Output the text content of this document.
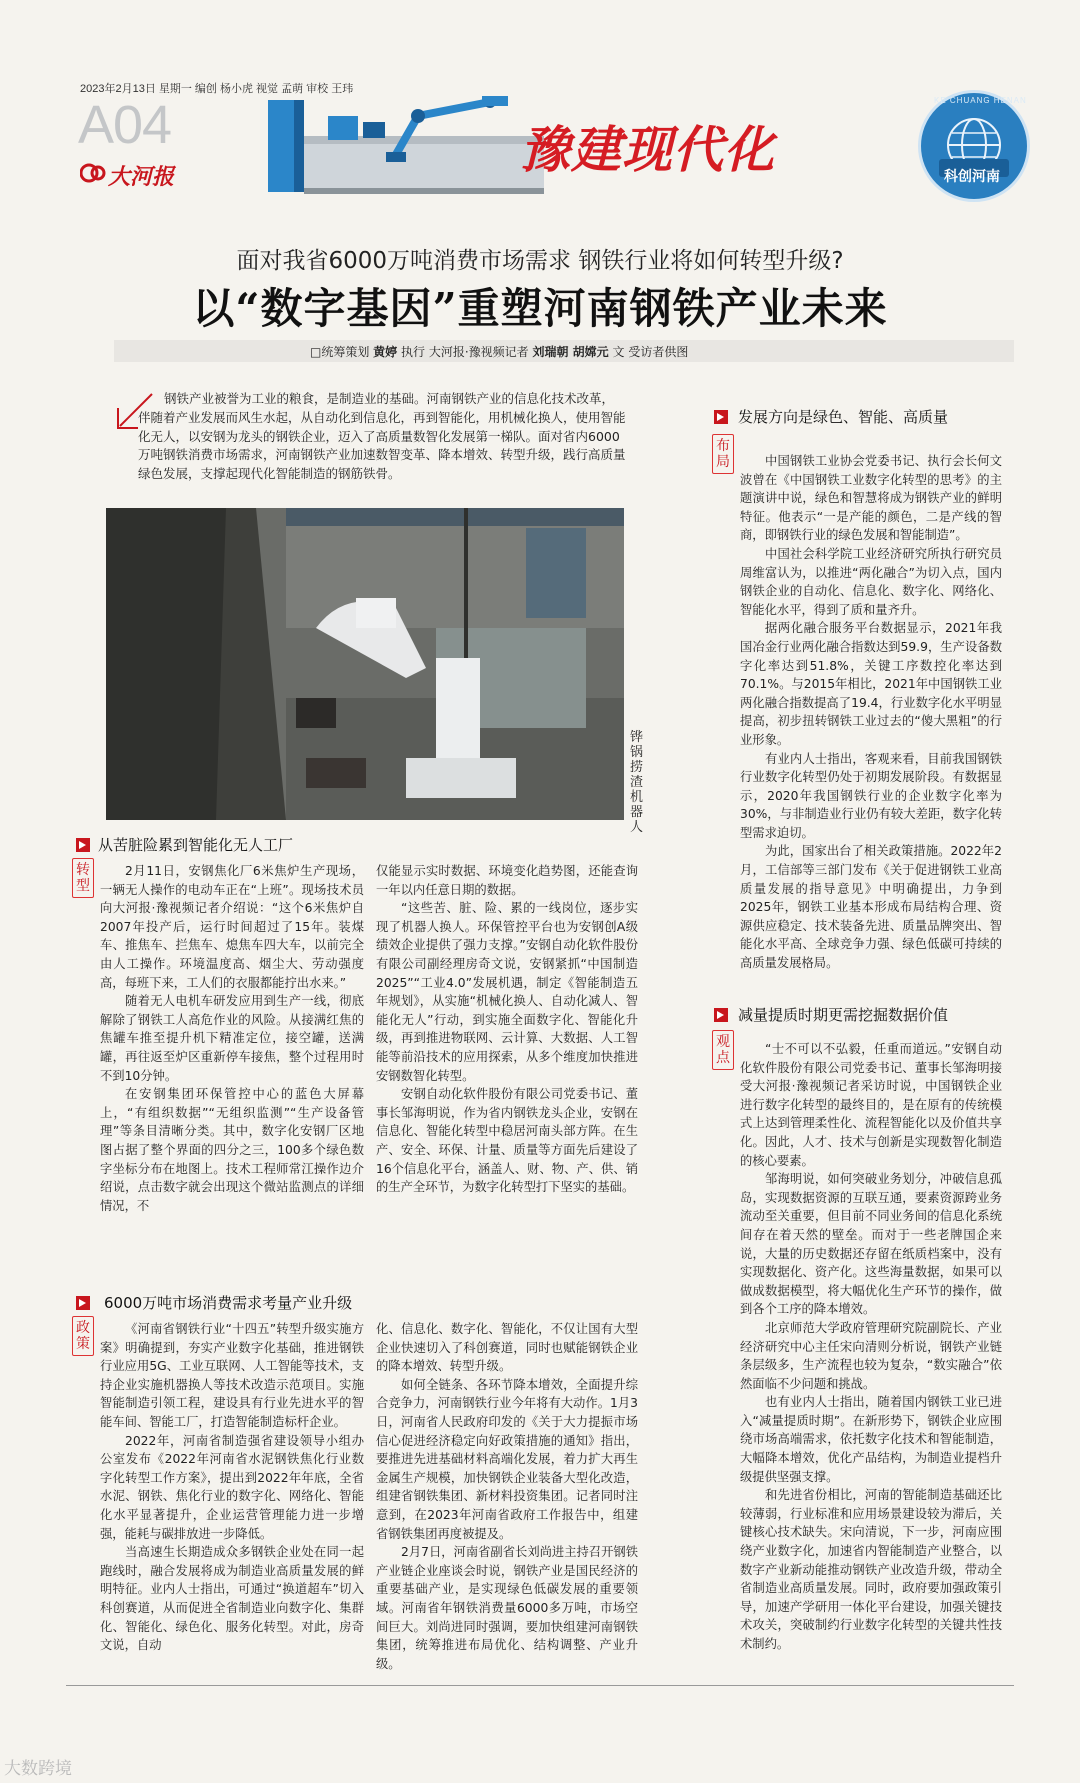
2023年2月13日 星期一 编创 杨小虎 视觉 孟萌 审校 王玮
A04
大河报	豫建现代化
KE CHUANG HENAN
科创河南
面对我省6000万吨消费市场需求 钢铁行业将如何转型升级?
以“数字基因”重塑河南钢铁产业未来
□统筹策划 黄婷 执行 大河报·豫视频记者 刘瑞朝 胡嫦元 文 受访者供图
钢铁产业被誉为工业的粮食，是制造业的基础。河南钢铁产业的信息化技术改革，伴随着产业发展而风生水起，从自动化到信息化，再到智能化，用机械化换人，使用智能化无人，以安钢为龙头的钢铁企业，迈入了高质量数智化发展第一梯队。面对省内6000万吨钢铁消费市场需求，河南钢铁产业加速数智变革、降本增效、转型升级，践行高质量绿色发展，支撑起现代化智能制造的钢筋铁骨。
铧锅捞渣机器人
从苦脏险累到智能化无人工厂
转型

2月11日，安钢焦化厂6米焦炉生产现场，一辆无人操作的电动车正在“上班”。现场技术员向大河报·豫视频记者介绍说：“这个6米焦炉自2007年投产后，运行时间超过了15年。装煤车、推焦车、拦焦车、熄焦车四大车，以前完全由人工操作。环境温度高、烟尘大、劳动强度高，每班下来，工人们的衣服都能拧出水来。”

随着无人电机车研发应用到生产一线，彻底解除了钢铁工人高危作业的风险。从接满红焦的焦罐车推至提升机下精准定位，接空罐，送满罐，再往返至炉区重新停车接焦，整个过程用时不到10分钟。

在安钢集团环保管控中心的蓝色大屏幕上，“有组织数据”“无组织监测”“生产设备管理”等条目清晰分类。其中，数字化安钢厂区地图占据了整个界面的四分之三，100多个绿色数字坐标分布在地图上。技术工程师常江操作边介绍说，点击数字就会出现这个微站监测点的详细情况，不

仅能显示实时数据、环境变化趋势图，还能查询一年以内任意日期的数据。

“这些苦、脏、险、累的一线岗位，逐步实现了机器人换人。环保管控平台也为安钢创A级绩效企业提供了强力支撑。”安钢自动化软件股份有限公司副经理房奇文说，安钢紧抓“中国制造2025”“工业4.0”发展机遇，制定《智能制造五年规划》，从实施“机械化换人、自动化减人、智能化无人”行动，到实施全面数字化、智能化升级，再到推进物联网、云计算、大数据、人工智能等前沿技术的应用探索，从多个维度加快推进安钢数智化转型。

安钢自动化软件股份有限公司党委书记、董事长邹海明说，作为省内钢铁龙头企业，安钢在信息化、智能化转型中稳居河南头部方阵。在生产、安全、环保、计量、质量等方面先后建设了16个信息化平台，涵盖人、财、物、产、供、销的生产全环节，为数字化转型打下坚实的基础。

6000万吨市场消费需求考量产业升级
政策

《河南省钢铁行业“十四五”转型升级实施方案》明确提到，夯实产业数字化基础，推进钢铁行业应用5G、工业互联网、人工智能等技术，支持企业实施机器换人等技术改造示范项目。实施智能制造引领工程，建设具有行业先进水平的智能车间、智能工厂，打造智能制造标杆企业。

2022年，河南省制造强省建设领导小组办公室发布《2022年河南省水泥钢铁焦化行业数字化转型工作方案》，提出到2022年年底，全省水泥、钢铁、焦化行业的数字化、网络化、智能化水平显著提升，企业运营管理能力进一步增强，能耗与碳排放进一步降低。

当高速生长期造成众多钢铁企业处在同一起跑线时，融合发展将成为制造业高质量发展的鲜明特征。业内人士指出，可通过“换道超车”切入科创赛道，从而促进全省制造业向数字化、集群化、智能化、绿色化、服务化转型。对此，房奇文说，自动

化、信息化、数字化、智能化，不仅让国有大型企业快速切入了科创赛道，同时也赋能钢铁企业的降本增效、转型升级。

如何全链条、各环节降本增效，全面提升综合竞争力，河南钢铁行业今年将有大动作。1月3日，河南省人民政府印发的《关于大力提振市场信心促进经济稳定向好政策措施的通知》指出，要推进先进基础材料高端化发展，着力扩大再生金属生产规模，加快钢铁企业装备大型化改造，组建省钢铁集团、新材料投资集团。记者同时注意到，在2023年河南省政府工作报告中，组建省钢铁集团再度被提及。

2月7日，河南省副省长刘尚进主持召开钢铁产业链企业座谈会时说，钢铁产业是国民经济的重要基础产业，是实现绿色低碳发展的重要领域。河南省年钢铁消费量6000多万吨，市场空间巨大。刘尚进同时强调，要加快组建河南钢铁集团，统筹推进布局优化、结构调整、产业升级。

发展方向是绿色、智能、高质量
布局	中国钢铁工业协会党委书记、执行会长何文波曾在《中国钢铁工业数字化转型的思考》的主题演讲中说，绿色和智慧将成为钢铁产业的鲜明特征。他表示“一是产能的颜色，二是产线的智商，即钢铁行业的绿色发展和智能制造”。

中国社会科学院工业经济研究所执行研究员周维富认为，以推进“两化融合”为切入点，国内钢铁企业的自动化、信息化、数字化、网络化、智能化水平，得到了质和量齐升。

据两化融合服务平台数据显示，2021年我国冶金行业两化融合指数达到59.9，生产设备数字化率达到51.8%，关键工序数控化率达到70.1%。与2015年相比，2021年中国钢铁工业两化融合指数提高了19.4，行业数字化水平明显提高，初步扭转钢铁工业过去的“傻大黑粗”的行业形象。

有业内人士指出，客观来看，目前我国钢铁行业数字化转型仍处于初期发展阶段。有数据显示，2020年我国钢铁行业的企业数字化率为30%，与非制造业行业仍有较大差距，数字化转型需求迫切。

为此，国家出台了相关政策措施。2022年2月，工信部等三部门发布《关于促进钢铁工业高质量发展的指导意见》中明确提出，力争到2025年，钢铁工业基本形成布局结构合理、资源供应稳定、技术装备先进、质量品牌突出、智能化水平高、全球竞争力强、绿色低碳可持续的高质量发展格局。

减量提质时期更需挖掘数据价值
观点

“士不可以不弘毅，任重而道远。”安钢自动化软件股份有限公司党委书记、董事长邹海明接受大河报·豫视频记者采访时说，中国钢铁企业进行数字化转型的最终目的，是在原有的传统模式上达到管理柔性化、流程智能化以及价值共享化。因此，人才、技术与创新是实现数智化制造的核心要素。

邹海明说，如何突破业务划分，冲破信息孤岛，实现数据资源的互联互通，要素资源跨业务流动至关重要，但目前不同业务间的信息化系统间存在着天然的壁垒。而对于一些老牌国企来说，大量的历史数据还存留在纸质档案中，没有实现数据化、资产化。这些海量数据，如果可以做成数据模型，将大幅优化生产环节的操作，做到各个工序的降本增效。

北京师范大学政府管理研究院副院长、产业经济研究中心主任宋向清则分析说，钢铁产业链条层级多，生产流程也较为复杂，“数实融合”依然面临不少问题和挑战。

也有业内人士指出，随着国内钢铁工业已进入“减量提质时期”。在新形势下，钢铁企业应围绕市场高端需求，依托数字化技术和智能制造，大幅降本增效，优化产品结构，为制造业提档升级提供坚强支撑。

和先进省份相比，河南的智能制造基础还比较薄弱，行业标准和应用场景建设较为滞后，关键核心技术缺失。宋向清说，下一步，河南应围绕产业数字化，加速省内智能制造产业整合，以数字产业新动能推动钢铁产业改造升级，带动全省制造业高质量发展。同时，政府要加强政策引导，加速产学研用一体化平台建设，加强关键技术攻关，突破制约行业数字化转型的关键共性技术制约。

大数跨境
